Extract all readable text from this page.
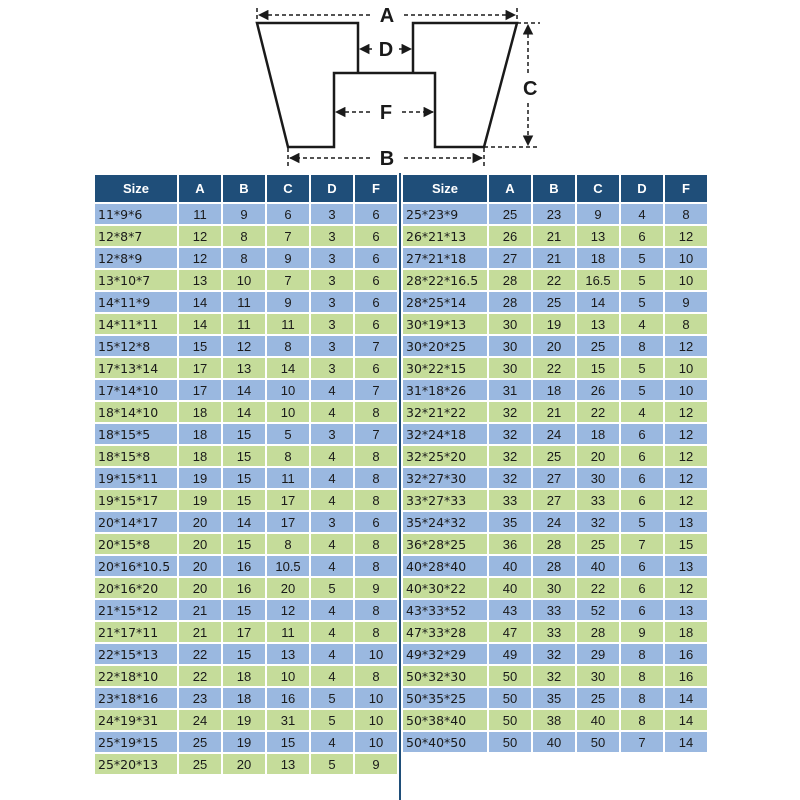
A
D
C
F
B
Size	A	B	C	D	F
11*9*6	11	9	6	3	6
12*8*7	12	8	7	3	6
12*8*9	12	8	9	3	6
13*10*7	13	10	7	3	6
14*11*9	14	11	9	3	6
14*11*11	14	11	11	3	6
15*12*8	15	12	8	3	7
17*13*14	17	13	14	3	6
17*14*10	17	14	10	4	7
18*14*10	18	14	10	4	8
18*15*5	18	15	5	3	7
18*15*8	18	15	8	4	8
19*15*11	19	15	11	4	8
19*15*17	19	15	17	4	8
20*14*17	20	14	17	3	6
20*15*8	20	15	8	4	8
20*16*10.5	20	16	10.5	4	8
20*16*20	20	16	20	5	9
21*15*12	21	15	12	4	8
21*17*11	21	17	11	4	8
22*15*13	22	15	13	4	10
22*18*10	22	18	10	4	8
23*18*16	23	18	16	5	10
24*19*31	24	19	31	5	10
25*19*15	25	19	15	4	10
25*20*13	25	20	13	5	9
Size	A	B	C	D	F
25*23*9	25	23	9	4	8
26*21*13	26	21	13	6	12
27*21*18	27	21	18	5	10
28*22*16.5	28	22	16.5	5	10
28*25*14	28	25	14	5	9
30*19*13	30	19	13	4	8
30*20*25	30	20	25	8	12
30*22*15	30	22	15	5	10
31*18*26	31	18	26	5	10
32*21*22	32	21	22	4	12
32*24*18	32	24	18	6	12
32*25*20	32	25	20	6	12
32*27*30	32	27	30	6	12
33*27*33	33	27	33	6	12
35*24*32	35	24	32	5	13
36*28*25	36	28	25	7	15
40*28*40	40	28	40	6	13
40*30*22	40	30	22	6	12
43*33*52	43	33	52	6	13
47*33*28	47	33	28	9	18
49*32*29	49	32	29	8	16
50*32*30	50	32	30	8	16
50*35*25	50	35	25	8	14
50*38*40	50	38	40	8	14
50*40*50	50	40	50	7	14
